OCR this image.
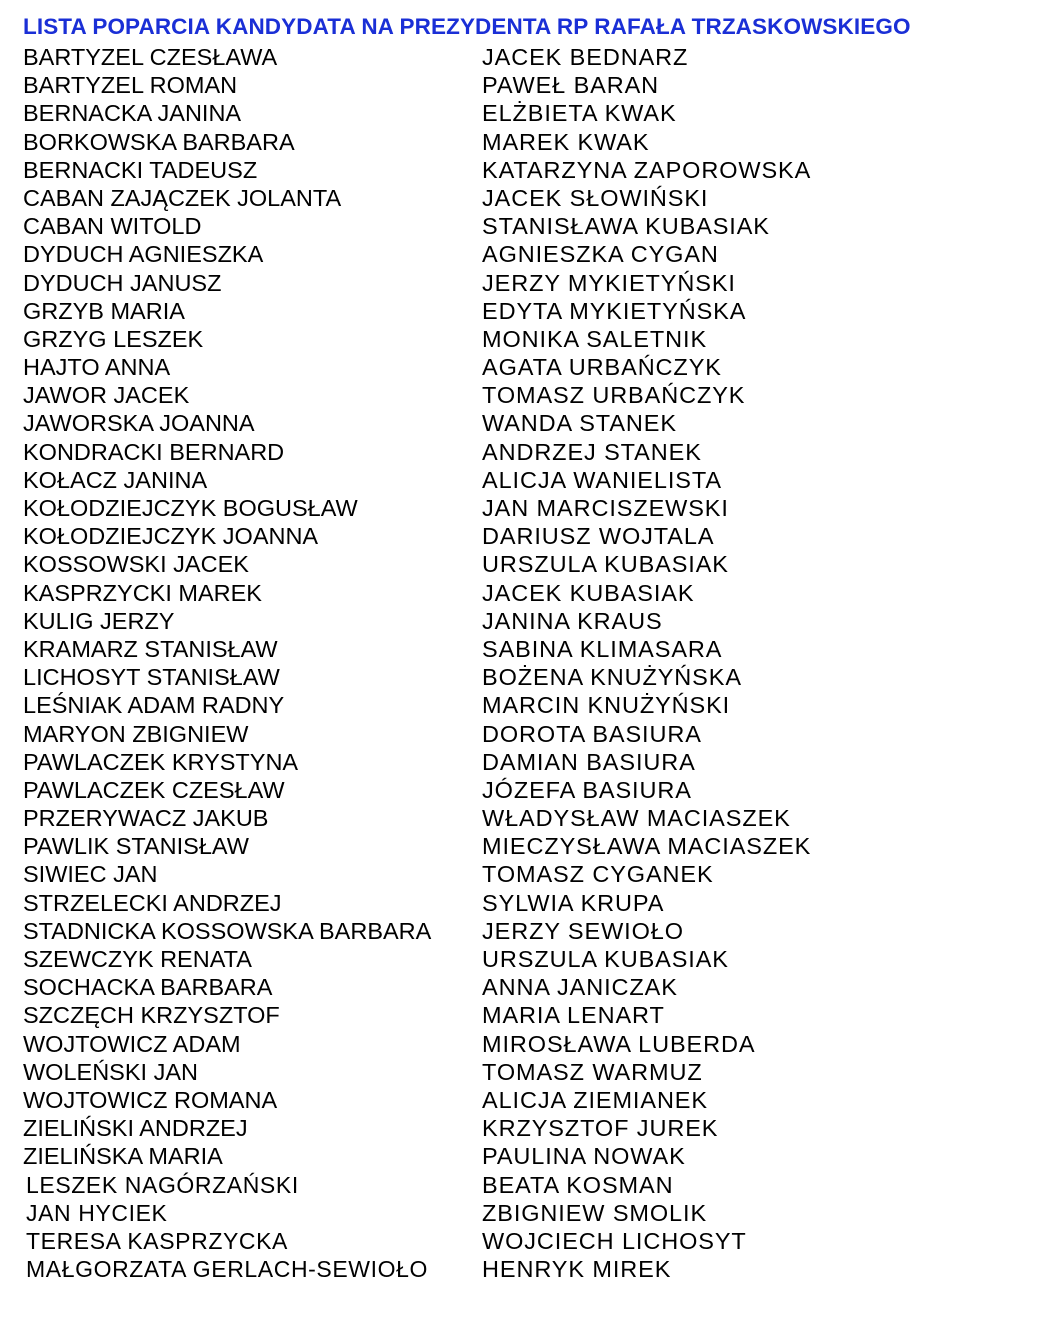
LISTA POPARCIA KANDYDATA NA PREZYDENTA RP RAFAŁA TRZASKOWSKIEGO
BARTYZEL CZESŁAWA
BARTYZEL ROMAN
BERNACKA JANINA
BORKOWSKA BARBARA
BERNACKI TADEUSZ
CABAN ZAJĄCZEK JOLANTA
CABAN WITOLD
DYDUCH AGNIESZKA
DYDUCH JANUSZ
GRZYB MARIA
GRZYG LESZEK
HAJTO ANNA
JAWOR JACEK
JAWORSKA JOANNA
KONDRACKI BERNARD
KOŁACZ JANINA
KOŁODZIEJCZYK BOGUSŁAW
KOŁODZIEJCZYK JOANNA
KOSSOWSKI JACEK
KASPRZYCKI MAREK
KULIG JERZY
KRAMARZ STANISŁAW
LICHOSYT STANISŁAW
LEŚNIAK ADAM RADNY
MARYON ZBIGNIEW
PAWLACZEK KRYSTYNA
PAWLACZEK CZESŁAW
PRZERYWACZ JAKUB
PAWLIK STANISŁAW
SIWIEC JAN
STRZELECKI ANDRZEJ
STADNICKA KOSSOWSKA BARBARA
SZEWCZYK RENATA
SOCHACKA BARBARA
SZCZĘCH KRZYSZTOF
WOJTOWICZ ADAM
WOLEŃSKI JAN
WOJTOWICZ ROMANA
ZIELIŃSKI ANDRZEJ
ZIELIŃSKA MARIA
LESZEK NAGÓRZAŃSKI
JAN HYCIEK
TERESA KASPRZYCKA
MAŁGORZATA GERLACH-SEWIOŁO
JACEK BEDNARZ
PAWEŁ BARAN
ELŻBIETA KWAK
MAREK KWAK
KATARZYNA ZAPOROWSKA
JACEK SŁOWIŃSKI
STANISŁAWA KUBASIAK
AGNIESZKA CYGAN
JERZY MYKIETYŃSKI
EDYTA MYKIETYŃSKA
MONIKA SALETNIK
AGATA URBAŃCZYK
TOMASZ URBAŃCZYK
WANDA STANEK
ANDRZEJ STANEK
ALICJA WANIELISTA
JAN MARCISZEWSKI
DARIUSZ WOJTALA
URSZULA KUBASIAK
JACEK KUBASIAK
JANINA KRAUS
SABINA KLIMASARA
BOŻENA KNUŻYŃSKA
MARCIN KNUŻYŃSKI
DOROTA BASIURA
DAMIAN BASIURA
JÓZEFA BASIURA
WŁADYSŁAW MACIASZEK
MIECZYSŁAWA MACIASZEK
TOMASZ CYGANEK
SYLWIA KRUPA
JERZY SEWIOŁO
URSZULA KUBASIAK
ANNA JANICZAK
MARIA LENART
MIROSŁAWA LUBERDA
TOMASZ WARMUZ
ALICJA ZIEMIANEK
KRZYSZTOF JUREK
PAULINA NOWAK
BEATA KOSMAN
ZBIGNIEW SMOLIK
WOJCIECH LICHOSYT
HENRYK MIREK
